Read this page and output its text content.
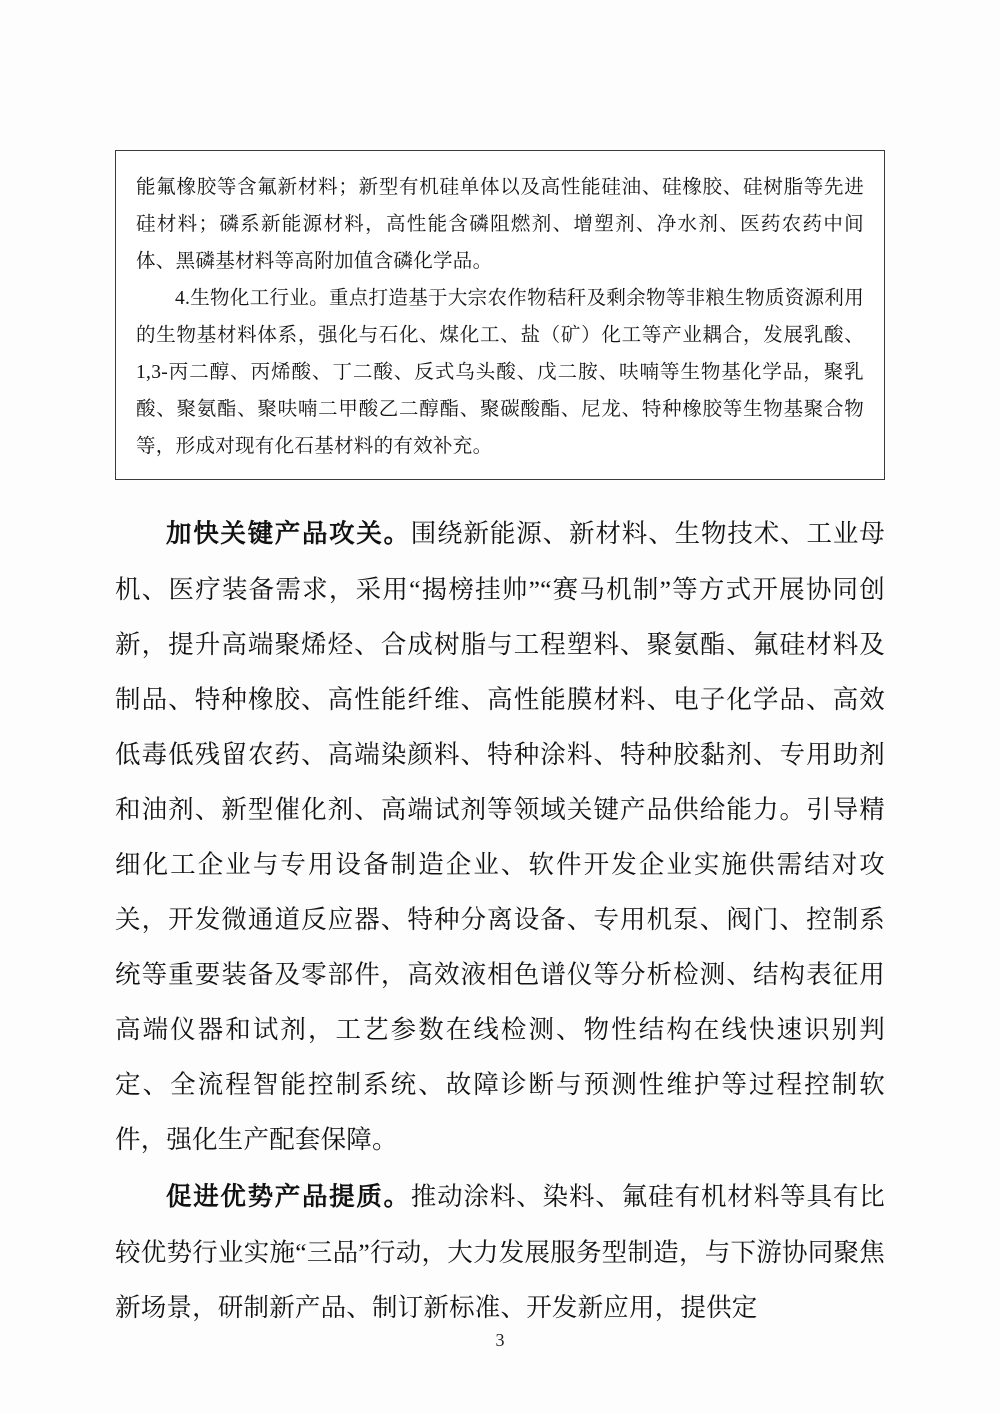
能氟橡胶等含氟新材料；新型有机硅单体以及高性能硅油、硅橡胶、硅树脂等先进硅材料；磷系新能源材料，高性能含磷阻燃剂、增塑剂、净水剂、医药农药中间体、黑磷基材料等高附加值含磷化学品。

4.生物化工行业。重点打造基于大宗农作物秸秆及剩余物等非粮生物质资源利用的生物基材料体系，强化与石化、煤化工、盐（矿）化工等产业耦合，发展乳酸、1,3-丙二醇、丙烯酸、丁二酸、反式乌头酸、戊二胺、呋喃等生物基化学品，聚乳酸、聚氨酯、聚呋喃二甲酸乙二醇酯、聚碳酸酯、尼龙、特种橡胶等生物基聚合物等，形成对现有化石基材料的有效补充。

加快关键产品攻关。围绕新能源、新材料、生物技术、工业母机、医疗装备需求，采用“揭榜挂帅”“赛马机制”等方式开展协同创新，提升高端聚烯烃、合成树脂与工程塑料、聚氨酯、氟硅材料及制品、特种橡胶、高性能纤维、高性能膜材料、电子化学品、高效低毒低残留农药、高端染颜料、特种涂料、特种胶黏剂、专用助剂和油剂、新型催化剂、高端试剂等领域关键产品供给能力。引导精细化工企业与专用设备制造企业、软件开发企业实施供需结对攻关，开发微通道反应器、特种分离设备、专用机泵、阀门、控制系统等重要装备及零部件，高效液相色谱仪等分析检测、结构表征用高端仪器和试剂，工艺参数在线检测、物性结构在线快速识别判定、全流程智能控制系统、故障诊断与预测性维护等过程控制软件，强化生产配套保障。

促进优势产品提质。推动涂料、染料、氟硅有机材料等具有比较优势行业实施“三品”行动，大力发展服务型制造，与下游协同聚焦新场景，研制新产品、制订新标准、开发新应用，提供定

3
